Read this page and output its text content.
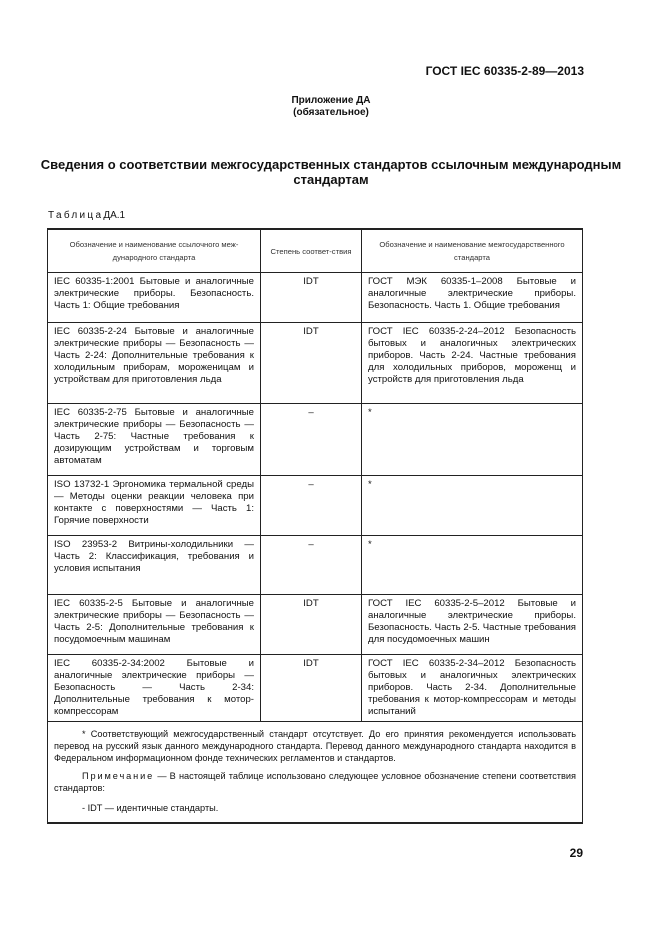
ГОСТ IEC 60335-2-89—2013
Приложение ДА
(обязательное)
Сведения о соответствии межгосударственных стандартов ссылочным международным стандартам
ТаблицаДА.1
Обозначение и наименование ссылочного меж-дународного стандарта	Степень соответ-ствия	Обозначение и наименование межгосударственного стандарта
IEC 60335-1:2001 Бытовые и аналогичные электрические приборы. Безопасность. Часть 1: Общие требования	IDT	ГОСТ МЭК 60335-1–2008 Бытовые и аналогичные электрические приборы. Безопасность. Часть 1. Общие требования
IEC 60335-2-24 Бытовые и аналогичные электрические приборы — Безопасность — Часть 2-24: Дополнительные требования к холодильным приборам, мороженицам и устройствам для приготовления льда	IDT	ГОСТ IEC 60335-2-24–2012 Безопасность бытовых и аналогичных электрических приборов. Часть 2-24. Частные требования для холодильных приборов, мороженщ и устройств для приготовления льда
IEC 60335-2-75 Бытовые и аналогичные электрические приборы — Безопасность — Часть 2-75: Частные требования к дозирующим устройствам и торговым автоматам	–	*
ISO 13732-1 Эргономика термальной среды — Методы оценки реакции человека при контакте с поверхностями — Часть 1: Горячие поверхности	–	*
ISO 23953-2 Витрины-холодильники — Часть 2: Классификация, требования и условия испытания	–	*
IEC 60335-2-5 Бытовые и аналогичные электрические приборы — Безопасность — Часть 2-5: Дополнительные требования к посудомоечным машинам	IDT	ГОСТ IEC 60335-2-5–2012 Бытовые и аналогичные электрические приборы. Безопасность. Часть 2-5. Частные требования для посудомоечных машин
IEC 60335-2-34:2002 Бытовые и аналогичные электрические приборы — Безопасность — Часть 2-34: Дополнительные требования к мотор-компрессорам	IDT	ГОСТ IEC 60335-2-34–2012 Безопасность бытовых и аналогичных электрических приборов. Часть 2-34. Дополнительные требования к мотор-компрессорам и методы испытаний

* Соответствующий межгосударственный стандарт отсутствует. До его принятия рекомендуется использовать перевод на русский язык данного международного стандарта. Перевод данного международного стандарта находится в Федеральном информационном фонде технических регламентов и стандартов.

Примечание — В настоящей таблице использовано следующее условное обозначение степени соответствия стандартов:

- IDT — идентичные стандарты.		

29
